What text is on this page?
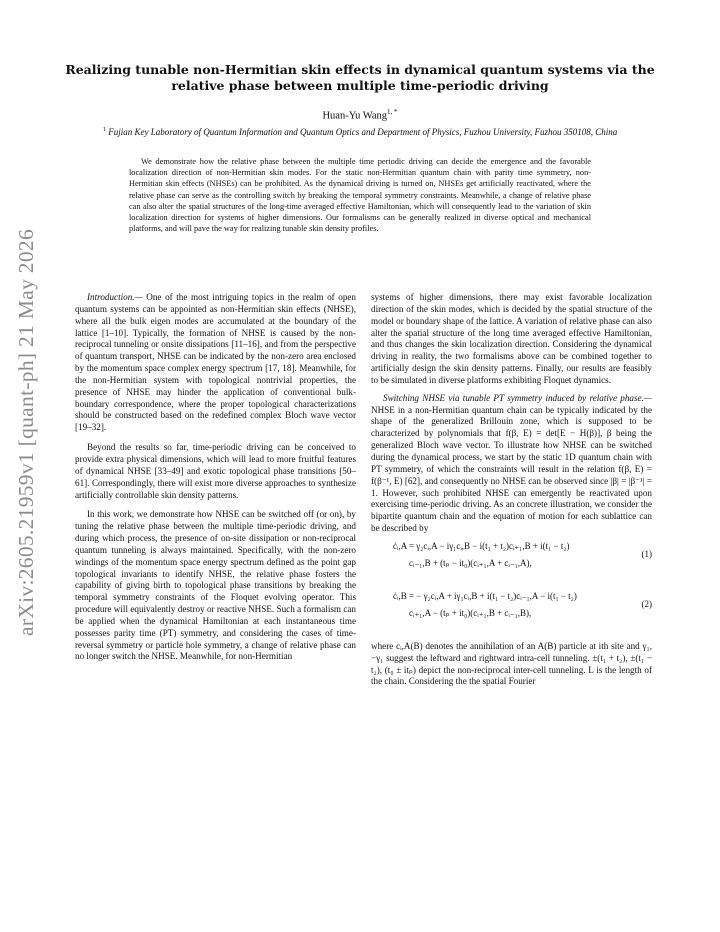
arXiv:2605.21959v1 [quant-ph] 21 May 2026
Realizing tunable non-Hermitian skin effects in dynamical quantum systems via the relative phase between multiple time-periodic driving
Huan-Yu Wang$^{1, *}$
$^1$ Fujian Key Laboratory of Quantum Information and Quantum Optics and Department of Physics, Fuzhou University, Fuzhou 350108, China

We demonstrate how the relative phase between the multiple time periodic driving can decide the emergence and the favorable localization direction of non-Hermitian skin modes. For the static non-Hermitian quantum chain with parity time symmetry, non-Hermitian skin effects (NHSEs) can be prohibited. As the dynamical driving is turned on, NHSEs get artificially reactivated, where the relative phase can serve as the controlling switch by breaking the temporal symmetry constraints. Meanwhile, a change of relative phase can also alter the spatial structures of the long-time averaged effective Hamiltonian, which will consequently lead to the variation of skin localization direction for systems of higher dimensions. Our formalisms can be generally realized in diverse optical and mechanical platforms, and will pave the way for realizing tunable skin density profiles.

Introduction.— One of the most intriguing topics in the realm of open quantum systems can be appointed as non-Hermitian skin effects (NHSE), where all the bulk eigen modes are accumulated at the boundary of the lattice [1–10]. Typically, the formation of NHSE is caused by the non-reciprocal tunneling or onsite dissipations [11–16], and from the perspective of quantum transport, NHSE can be indicated by the non-zero area enclosed by the momentum space complex energy spectrum [17, 18]. Meanwhile, for the non-Hermitian system with topological nontrivial properties, the presence of NHSE may hinder the application of conventional bulk-boundary correspondence, where the proper topological characterizations should be constructed based on the redefined complex Bloch wave vector [19–32].

Beyond the results so far, time-periodic driving can be conceived to provide extra physical dimensions, which will lead to more fruitful features of dynamical NHSE [33–49] and exotic topological phase transitions [50–61]. Correspondingly, there will exist more diverse approaches to synthesize artificially controllable skin density patterns.

In this work, we demonstrate how NHSE can be switched off (or on), by tuning the relative phase between the multiple time-periodic driving, and during which process, the presence of on-site dissipation or non-reciprocal quantum tunneling is always maintained. Specifically, with the non-zero windings of the momentum space energy spectrum defined as the point gap topological invariants to identify NHSE, the relative phase fosters the capability of giving birth to topological phase transitions by breaking the temporal symmetry constraints of the Floquet evolving operator. This procedure will equivalently destroy or reactive NHSE. Such a formalism can be applied when the dynamical Hamiltonian at each instantaneous time possesses parity time (PT) symmetry, and considering the cases of time-reversal symmetry or particle hole symmetry, a change of relative phase can no longer switch the NHSE. Meanwhile, for non-Hermitian

systems of higher dimensions, there may exist favorable localization direction of the skin modes, which is decided by the spatial structure of the model or boundary shape of the lattice. A variation of relative phase can also alter the spatial structure of the long time averaged effective Hamiltonian, and thus changes the skin localization direction. Considering the dynamical driving in reality, the two formalisms above can be combined together to artificially design the skin density patterns. Finally, our results are feasibly to be simulated in diverse platforms exhibiting Floquet dynamics.

Switching NHSE via tunable PT symmetry induced by relative phase.— NHSE in a non-Hermitian quantum chain can be typically indicated by the shape of the generalized Brillouin zone, which is supposed to be characterized by polynomials that f(β, E) = det[E − H(β)], β being the generalized Bloch wave vector. To illustrate how NHSE can be switched during the dynamical process, we start by the static 1D quantum chain with PT symmetry, of which the constraints will result in the relation f(β, E) = f(β⁻¹, E) [62], and consequently no NHSE can be observed since |β| = |β⁻¹| = 1. However, such prohibited NHSE can emergently be reactivated upon exercising time-periodic driving. As an concrete illustration, we consider the bipartite quantum chain and the equation of motion for each sublattice can be described by

ċᵢ,A = γ₂cᵢ,A − iγ₁cᵢ,B − i(t₁ + t₂)cᵢ₊₁,B + i(t₁ − t₂)
cᵢ₋₁,B + (tₚ − it₀)(cᵢ₊₁,A + cᵢ₋₁,A),
(1)
ċᵢ,B = − γ₂cᵢ,A + iγ₁cᵢ,B + i(t₁ − t₂)cᵢ₋₁,A − i(t₁ − t₂)
cᵢ₊₁,A − (tₚ + it₀)(cᵢ₊₁,B + cᵢ₋₁,B),
(2)

where cᵢ,A(B) denotes the annihilation of an A(B) particle at ith site and γ₁, −γ₁ suggest the leftward and rightward intra-cell tunneling. ±(t₁ + t₂), ±(t₁ − t₂), (t₀ ± itₚ) depict the non-reciprocal inter-cell tunneling. L is the length of the chain. Considering the the spatial Fourier
